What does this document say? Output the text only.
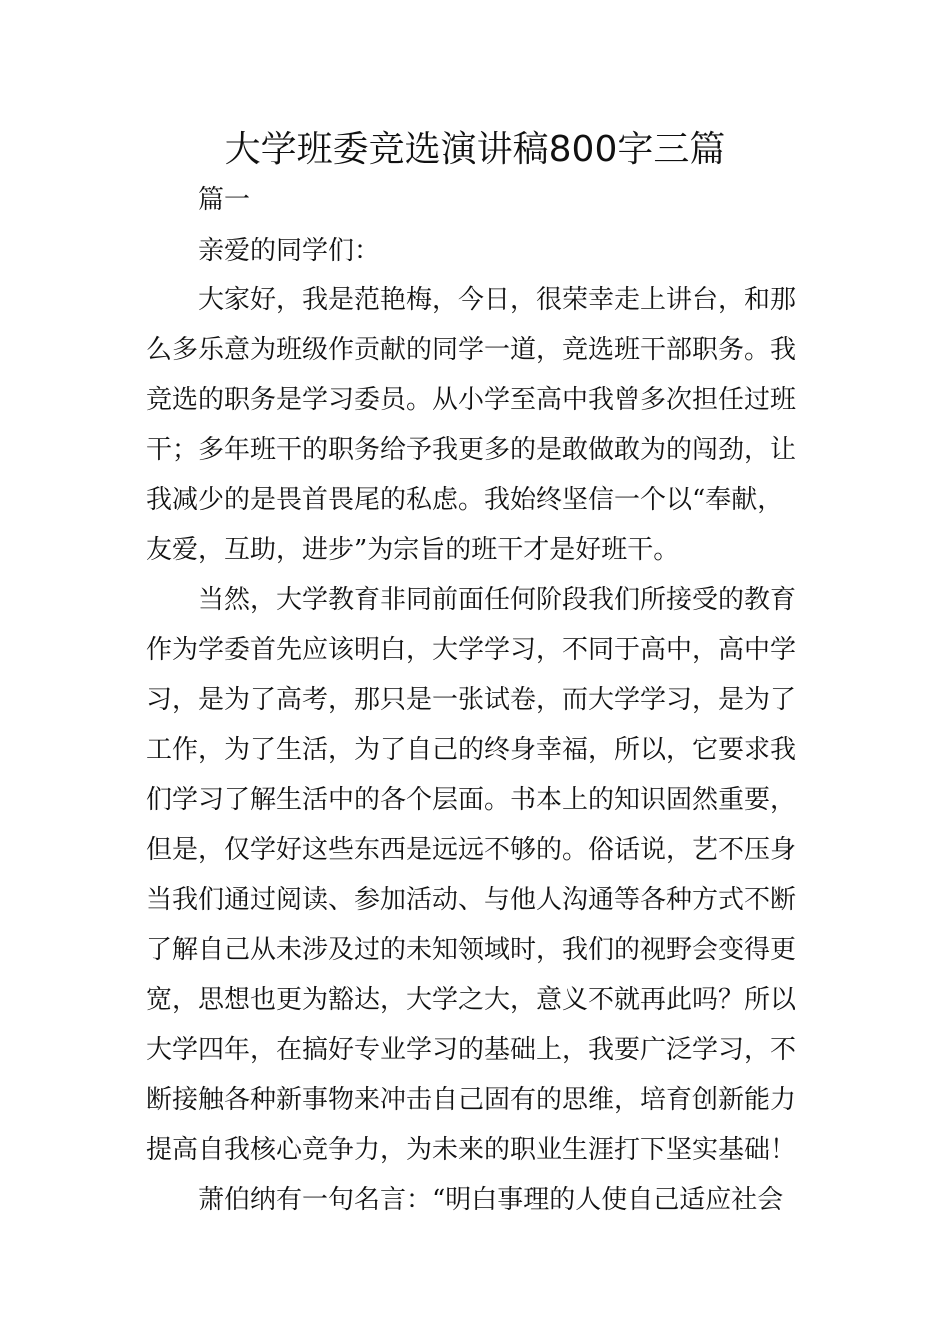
大学班委竞选演讲稿800字三篇
篇一
亲爱的同学们：
大家好，我是范艳梅，今日，很荣幸走上讲台，和那
么多乐意为班级作贡献的同学一道，竞选班干部职务。我
竞选的职务是学习委员。从小学至高中我曾多次担任过班
干；多年班干的职务给予我更多的是敢做敢为的闯劲，让
我减少的是畏首畏尾的私虑。我始终坚信一个以“奉献，
友爱，互助，进步”为宗旨的班干才是好班干。
当然，大学教育非同前面任何阶段我们所接受的教育
作为学委首先应该明白，大学学习，不同于高中，高中学
习，是为了高考，那只是一张试卷，而大学学习，是为了
工作，为了生活，为了自己的终身幸福，所以，它要求我
们学习了解生活中的各个层面。书本上的知识固然重要，
但是，仅学好这些东西是远远不够的。俗话说，艺不压身
当我们通过阅读、参加活动、与他人沟通等各种方式不断
了解自己从未涉及过的未知领域时，我们的视野会变得更
宽，思想也更为豁达，大学之大，意义不就再此吗？所以
大学四年，在搞好专业学习的基础上，我要广泛学习，不
断接触各种新事物来冲击自己固有的思维，培育创新能力
提高自我核心竞争力，为未来的职业生涯打下坚实基础！
萧伯纳有一句名言：“明白事理的人使自己适应社会
